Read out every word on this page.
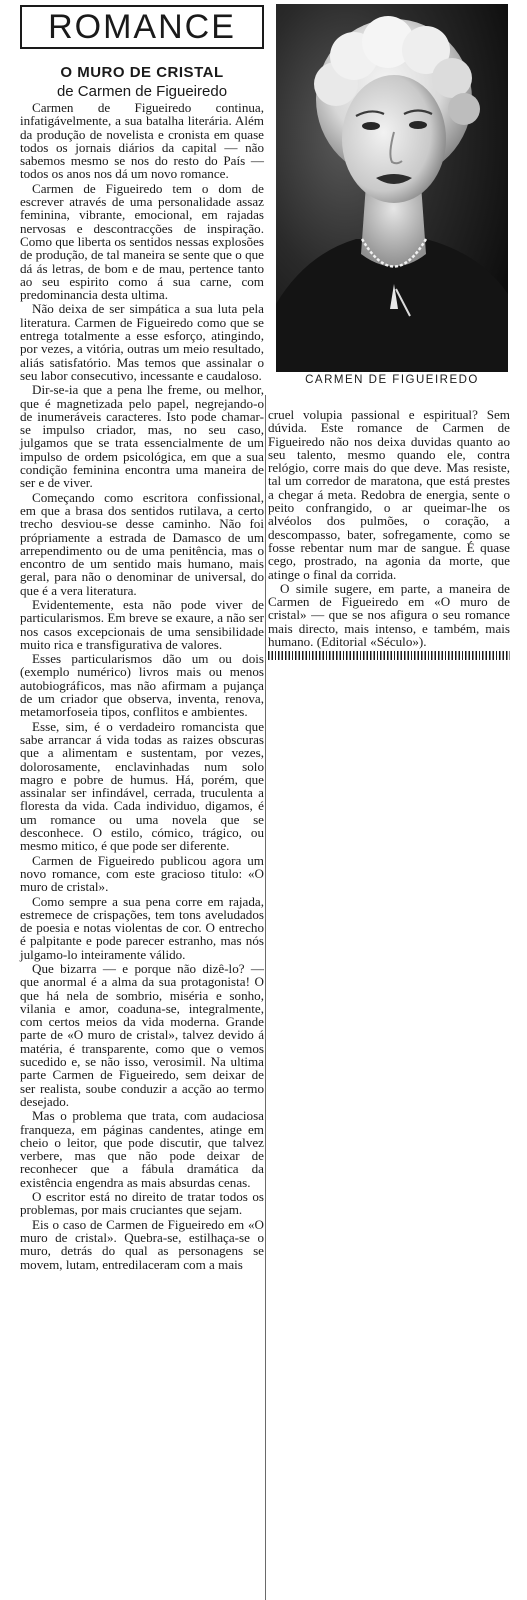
ROMANCE
O MURO DE CRISTAL
de Carmen de Figueiredo

Carmen de Figueiredo continua, infatigávelmente, a sua batalha literária. Além da produção de novelista e cronista em quase todos os jornais diários da capital — não sabemos mesmo se nos do resto do País — todos os anos nos dá um novo romance.

Carmen de Figueiredo tem o dom de escrever através de uma personalidade assaz feminina, vibrante, emocional, em rajadas nervosas e descontracções de inspiração. Como que liberta os sentidos nessas explosões de produção, de tal maneira se sente que o que dá ás letras, de bom e de mau, pertence tanto ao seu espirito como á sua carne, com predominancia desta ultima.

Não deixa de ser simpática a sua luta pela literatura. Carmen de Figueiredo como que se entrega totalmente a esse esforço, atingindo, por vezes, a vitória, outras um meio resultado, aliás satisfatório. Mas temos que assinalar o seu labor consecutivo, incessante e caudaloso.

Dir-se-ia que a pena lhe freme, ou melhor, que é magnetizada pelo papel, negrejando-o de inumeráveis caracteres. Isto pode chamar-se impulso criador, mas, no seu caso, julgamos que se trata essencialmente de um impulso de ordem psicológica, em que a sua condição feminina encontra uma maneira de ser e de viver.

Começando como escritora confissional, em que a brasa dos sentidos rutilava, a certo trecho desviou-se desse caminho. Não foi própriamente a estrada de Damasco de um arrependimento ou de uma penitência, mas o encontro de um sentido mais humano, mais geral, para não o denominar de universal, do que é a vera literatura.

Evidentemente, esta não pode viver de particularismos. Em breve se exaure, a não ser nos casos excepcionais de uma sensibilidade muito rica e transfigurativa de valores.

Esses particularismos dão um ou dois (exemplo numérico) livros mais ou menos autobiográficos, mas não afirmam a pujança de um criador que observa, inventa, renova, metamorfoseia tipos, conflitos e ambientes.

Esse, sim, é o verdadeiro romancista que sabe arrancar á vida todas as raizes obscuras que a alimentam e sustentam, por vezes, dolorosamente, enclavinhadas num solo magro e pobre de humus. Há, porém, que assinalar ser infindável, cerrada, truculenta a floresta da vida. Cada individuo, digamos, é um romance ou uma novela que se desconhece. O estilo, cómico, trágico, ou mesmo mitico, é que pode ser diferente.

Carmen de Figueiredo publicou agora um novo romance, com este gracioso titulo: «O muro de cristal».

Como sempre a sua pena corre em rajada, estremece de crispações, tem tons aveludados de poesia e notas violentas de cor. O entrecho é palpitante e pode parecer estranho, mas nós julgamo-lo inteiramente válido.

Que bizarra — e porque não dizê-lo? — que anormal é a alma da sua protagonista! O que há nela de sombrio, miséria e sonho, vilania e amor, coaduna-se, integralmente, com certos meios da vida moderna. Grande parte de «O muro de cristal», talvez devido á matéria, é transparente, como que o vemos sucedido e, se não isso, verosimil. Na ultima parte Carmen de Figueiredo, sem deixar de ser realista, soube conduzir a acção ao termo desejado.

Mas o problema que trata, com audaciosa franqueza, em páginas candentes, atinge em cheio o leitor, que pode discutir, que talvez verbere, mas que não pode deixar de reconhecer que a fábula dramática da existência engendra as mais absurdas cenas.

O escritor está no direito de tratar todos os problemas, por mais cruciantes que sejam.

Eis o caso de Carmen de Figueiredo em «O muro de cristal». Quebra-se, estilhaça-se o muro, detrás do qual as personagens se movem, lutam, entredilaceram com a mais

CARMEN DE FIGUEIREDO

cruel volupia passional e espiritual? Sem dúvida. Este romance de Carmen de Figueiredo não nos deixa duvidas quanto ao seu talento, mesmo quando ele, contra relógio, corre mais do que deve. Mas resiste, tal um corredor de maratona, que está prestes a chegar á meta. Redobra de energia, sente o peito confrangido, o ar queimar-lhe os alvéolos dos pulmões, o coração, a descompasso, bater, sofregamente, como se fosse rebentar num mar de sangue. É quase cego, prostrado, na agonia da morte, que atinge o final da corrida.

O simile sugere, em parte, a maneira de Carmen de Figueiredo em «O muro de cristal» — que se nos afigura o seu romance mais directo, mais intenso, e também, mais humano. (Editorial «Século»).
